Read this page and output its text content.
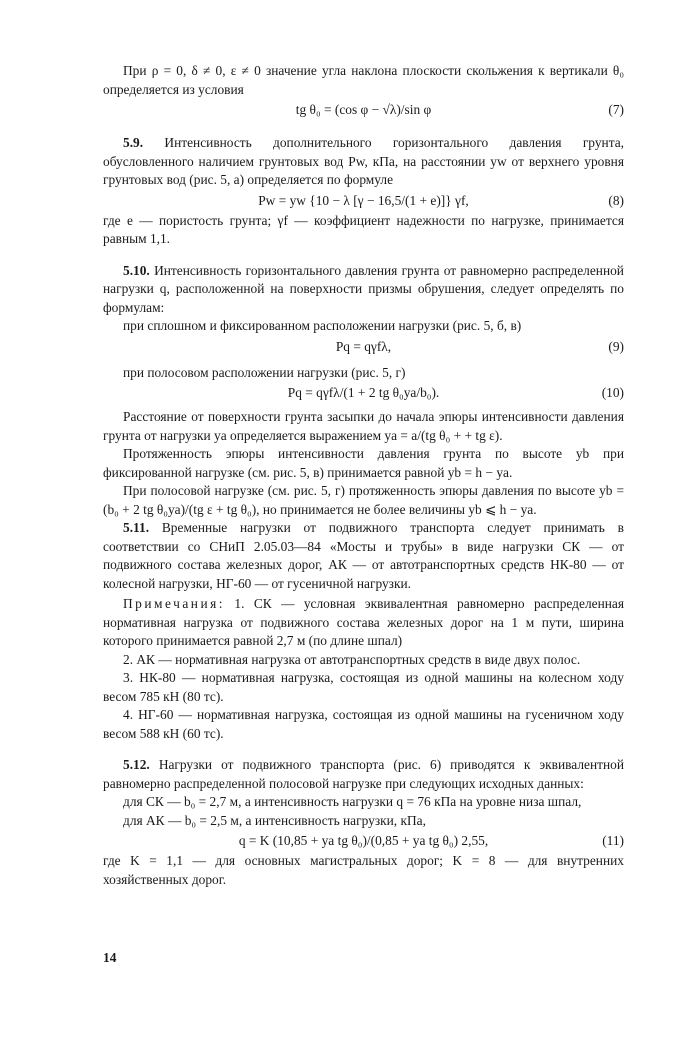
При ρ = 0, δ ≠ 0, ε ≠ 0 значение угла наклона плоскости скольжения к вертикали θ₀ определяется из условия

tg θ₀ = (cos φ − √λ)/sin φ	(7)

5.9. Интенсивность дополнительного горизонтального давления грунта, обусловленного наличием грунтовых вод Pw, кПа, на расстоянии yw от верхнего уровня грунтовых вод (рис. 5, а) определяется по формуле

Pw = yw {10 − λ [γ − 16,5/(1 + e)]} γf,	(8)

где e — пористость грунта; γf — коэффициент надежности по нагрузке, принимается равным 1,1.

5.10. Интенсивность горизонтального давления грунта от равномерно распределенной нагрузки q, расположенной на поверхности призмы обрушения, следует определять по формулам:

при сплошном и фиксированном расположении нагрузки (рис. 5, б, в)

Pq = qγfλ,	(9)

при полосовом расположении нагрузки (рис. 5, г)

Pq = qγfλ/(1 + 2 tg θ₀ya/b₀).	(10)

Расстояние от поверхности грунта засыпки до начала эпюры интенсивности давления грунта от нагрузки ya определяется выражением ya = a/(tg θ₀ + + tg ε).

Протяженность эпюры интенсивности давления грунта по высоте yb при фиксированной нагрузке (см. рис. 5, в) принимается равной yb = h − ya.

При полосовой нагрузке (см. рис. 5, г) протяженность эпюры давления по высоте yb = (b₀ + 2 tg θ₀ya)/(tg ε + tg θ₀), но принимается не более величины yb ⩽ h − ya.

5.11. Временные нагрузки от подвижного транспорта следует принимать в соответствии со СНиП 2.05.03—84 «Мосты и трубы» в виде нагрузки СК — от подвижного состава железных дорог, АК — от автотранспортных средств НК-80 — от колесной нагрузки, НГ-60 — от гусеничной нагрузки.

Примечания: 1. СК — условная эквивалентная равномерно распределенная нормативная нагрузка от подвижного состава железных дорог на 1 м пути, ширина которого принимается равной 2,7 м (по длине шпал)

2. АК — нормативная нагрузка от автотранспортных средств в виде двух полос.

3. НК-80 — нормативная нагрузка, состоящая из одной машины на колесном ходу весом 785 кН (80 тс).

4. НГ-60 — нормативная нагрузка, состоящая из одной машины на гусеничном ходу весом 588 кН (60 тс).

5.12. Нагрузки от подвижного транспорта (рис. 6) приводятся к эквивалентной равномерно распределенной полосовой нагрузке при следующих исходных данных:

для СК — b₀ = 2,7 м, а интенсивность нагрузки q = 76 кПа на уровне низа шпал,

для АК — b₀ = 2,5 м, а интенсивность нагрузки, кПа,

q = K (10,85 + ya tg θ₀)/(0,85 + ya tg θ₀) 2,55,	(11)

где K = 1,1 — для основных магистральных дорог; K = 8 — для внутренних хозяйственных дорог.

14
